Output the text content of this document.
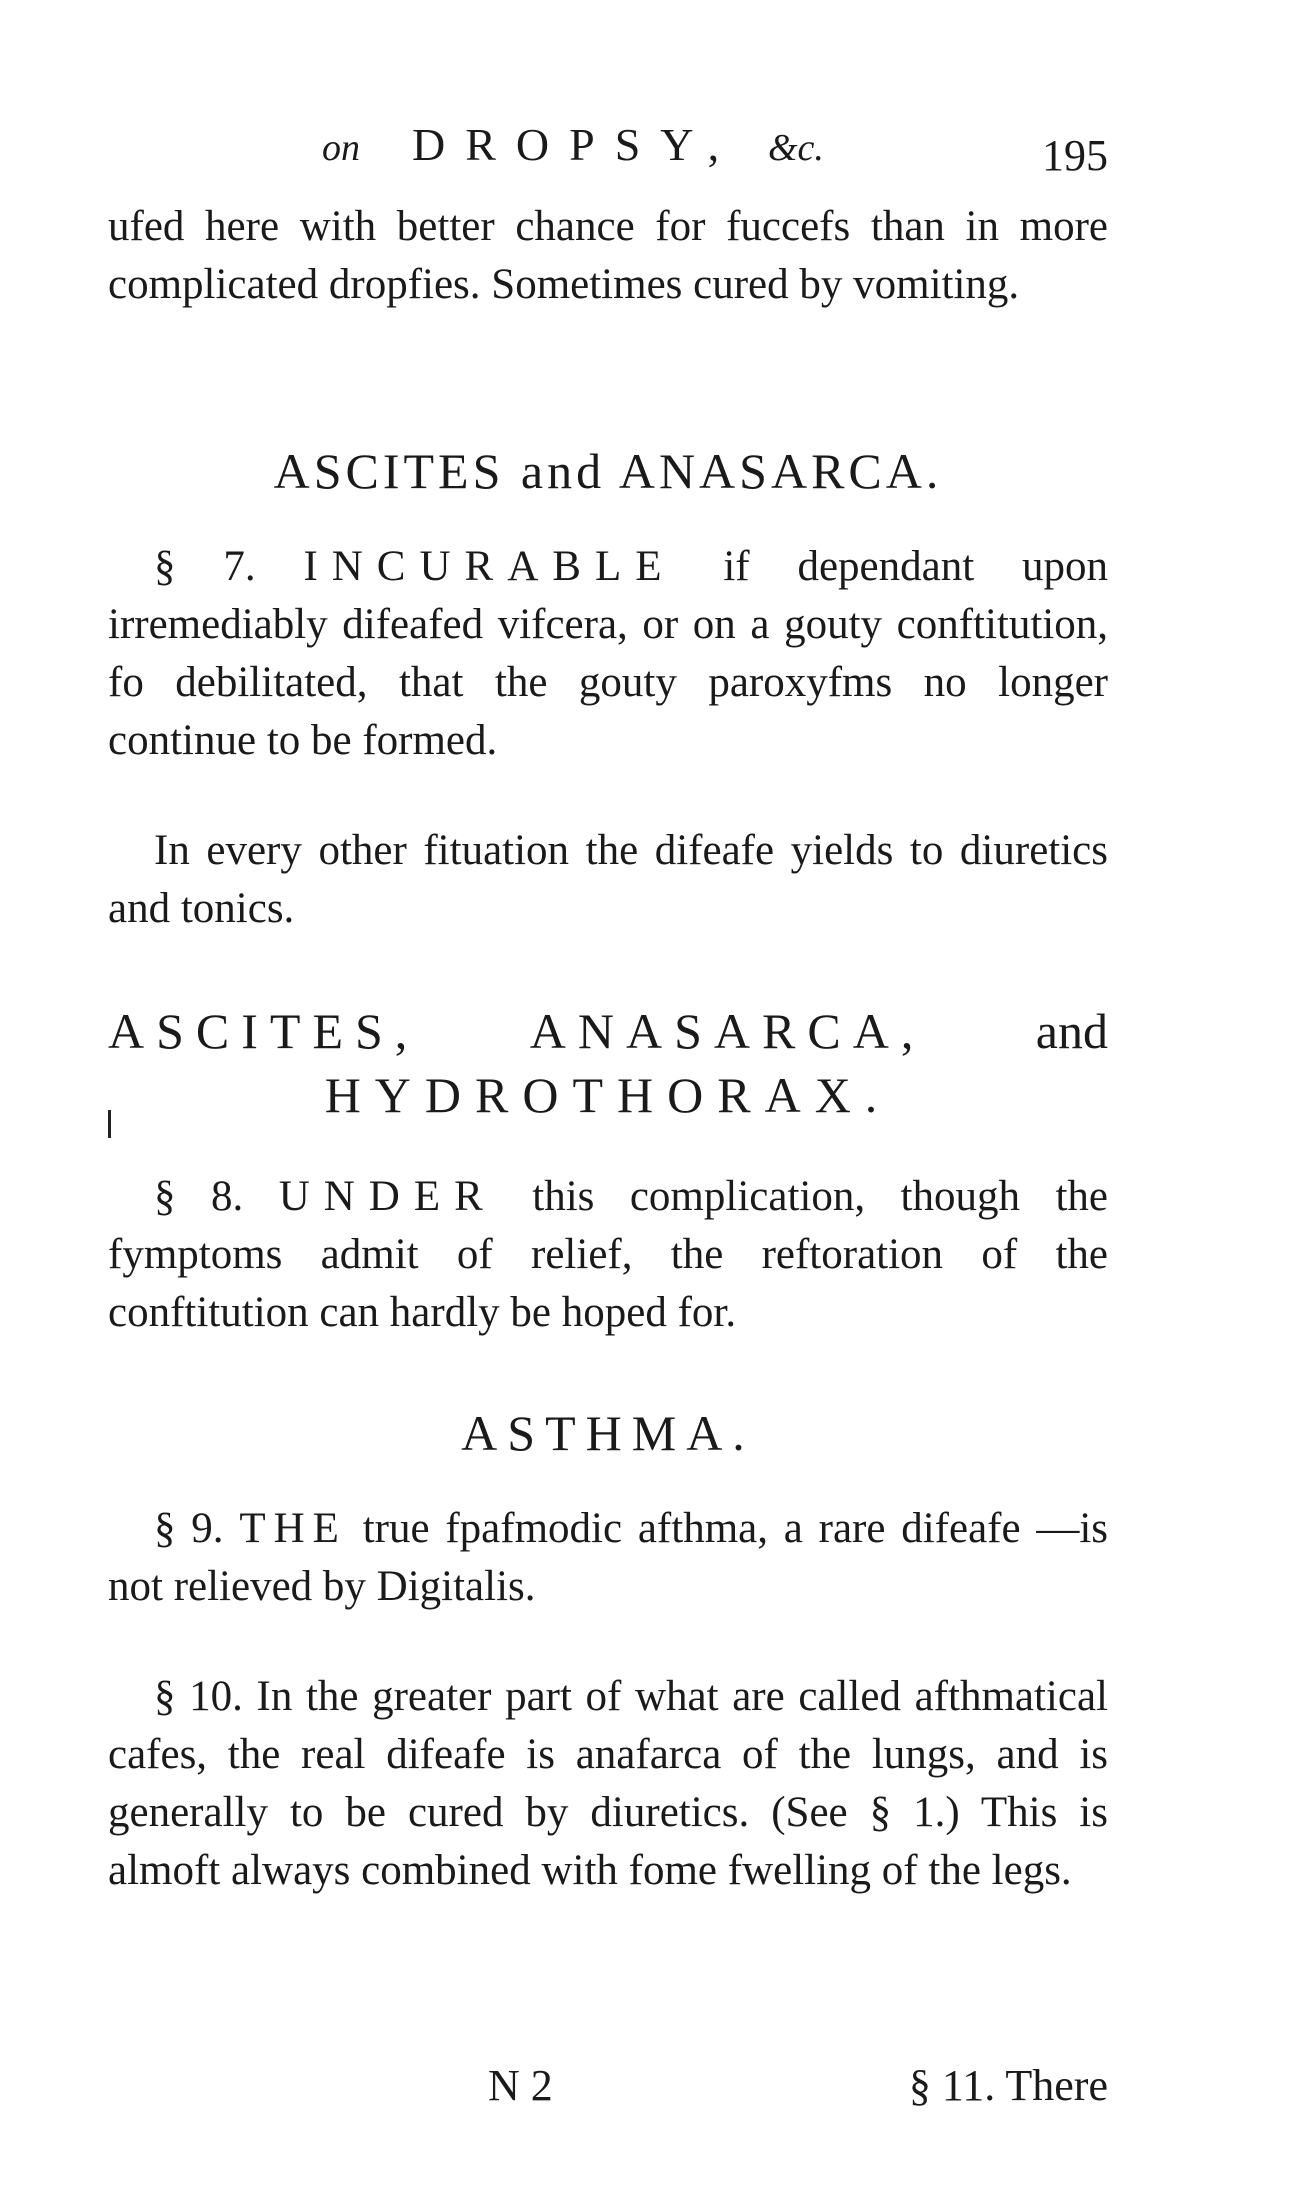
on DROPSY, &c.	195

ufed here with better chance for fuccefs than in more complicated dropfies. Sometimes cured by vomiting.

ASCITES and ANASARCA.

§ 7. INCURABLE if dependant upon irremediably difeafed vifcera, or on a gouty conftitution, fo debilitated, that the gouty paroxyfms no longer continue to be formed.

In every other fituation the difeafe yields to diuretics and tonics.

ASCITES, ANASARCA, and
HYDROTHORAX.

§ 8. UNDER this complication, though the fymptoms admit of relief, the reftoration of the conftitution can hardly be hoped for.

ASTHMA.

§ 9. THE true fpafmodic afthma, a rare difeafe —is not relieved by Digitalis.

§ 10. In the greater part of what are called afthmatical cafes, the real difeafe is anafarca of the lungs, and is generally to be cured by diuretics. (See § 1.) This is almoft always combined with fome fwelling of the legs.

N 2	§ 11. There
